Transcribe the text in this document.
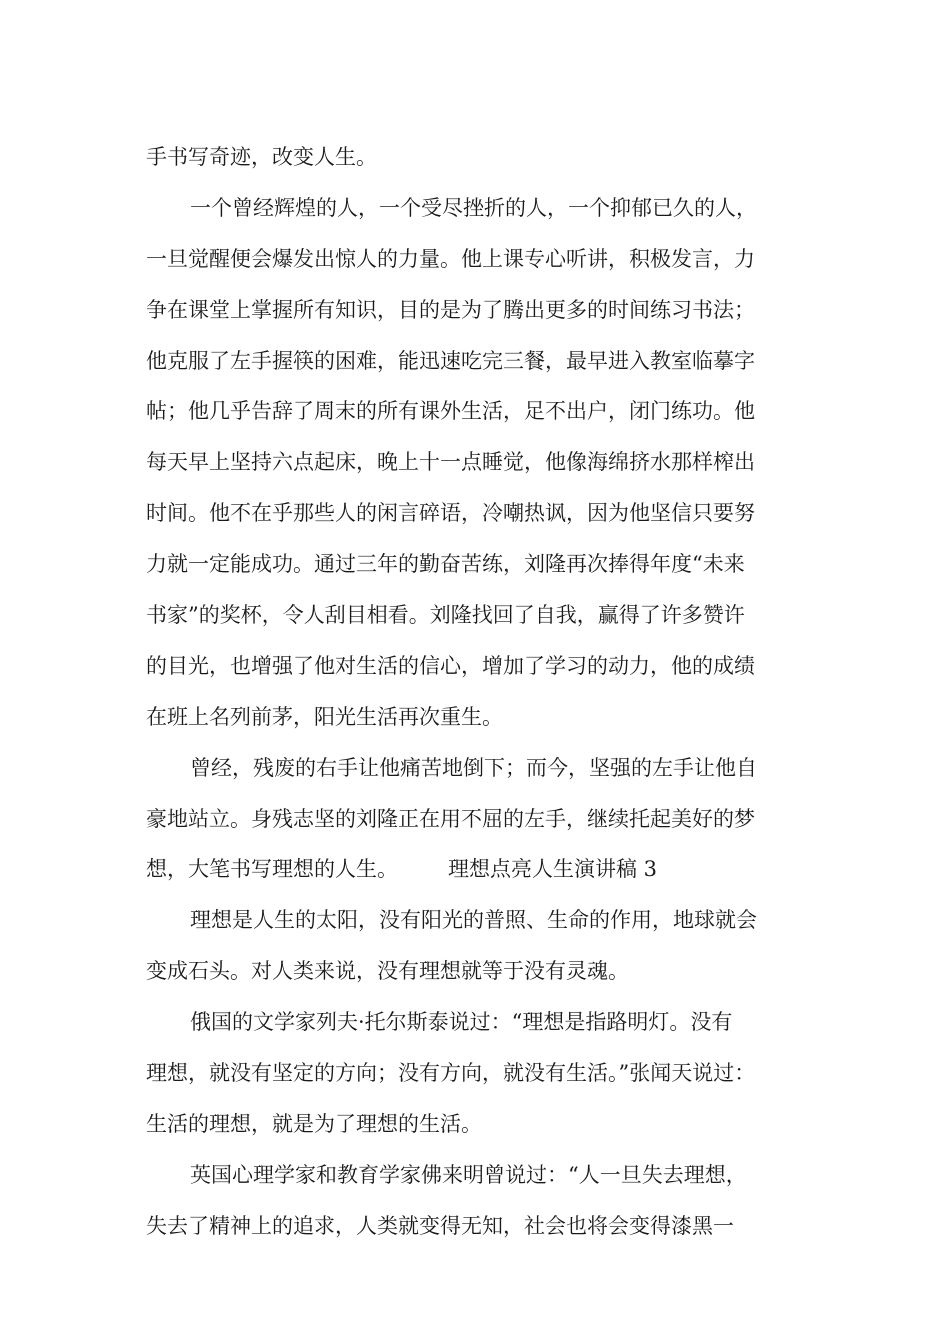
手书写奇迹，改变人生。
一个曾经辉煌的人，一个受尽挫折的人，一个抑郁已久的人，
一旦觉醒便会爆发出惊人的力量。他上课专心听讲，积极发言，力
争在课堂上掌握所有知识，目的是为了腾出更多的时间练习书法；
他克服了左手握筷的困难，能迅速吃完三餐，最早进入教室临摹字
帖；他几乎告辞了周末的所有课外生活，足不出户，闭门练功。他
每天早上坚持六点起床，晚上十一点睡觉，他像海绵挤水那样榨出
时间。他不在乎那些人的闲言碎语，冷嘲热讽，因为他坚信只要努
力就一定能成功。通过三年的勤奋苦练，刘隆再次捧得年度“未来
书家”的奖杯，令人刮目相看。刘隆找回了自我，赢得了许多赞许
的目光，也增强了他对生活的信心，增加了学习的动力，他的成绩
在班上名列前茅，阳光生活再次重生。
曾经，残废的右手让他痛苦地倒下；而今，坚强的左手让他自
豪地站立。身残志坚的刘隆正在用不屈的左手，继续托起美好的梦
想，大笔书写理想的人生。 理想点亮人生演讲稿 3
理想是人生的太阳，没有阳光的普照、生命的作用，地球就会
变成石头。对人类来说，没有理想就等于没有灵魂。
俄国的文学家列夫·托尔斯泰说过：“理想是指路明灯。没有
理想，就没有坚定的方向；没有方向，就没有生活。”张闻天说过：
生活的理想，就是为了理想的生活。
英国心理学家和教育学家佛来明曾说过：“人一旦失去理想，
失去了精神上的追求，人类就变得无知，社会也将会变得漆黑一
